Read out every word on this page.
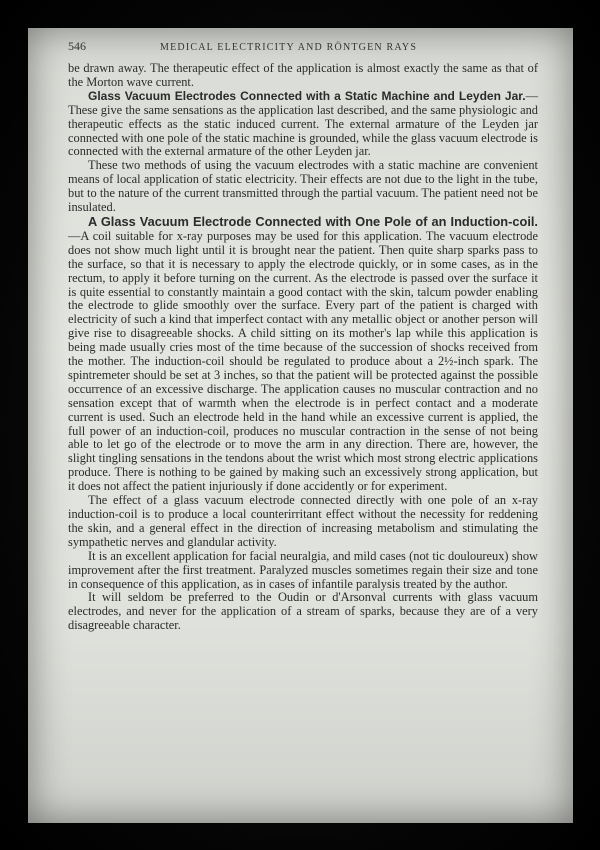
546	MEDICAL ELECTRICITY AND RÖNTGEN RAYS

be drawn away. The therapeutic effect of the application is almost exactly the same as that of the Morton wave current.

Glass Vacuum Electrodes Connected with a Static Machine and Leyden Jar.—These give the same sensations as the application last described, and the same physiologic and therapeutic effects as the static induced current. The external armature of the Leyden jar connected with one pole of the static machine is grounded, while the glass vacuum electrode is connected with the external armature of the other Leyden jar.

These two methods of using the vacuum electrodes with a static machine are convenient means of local application of static electricity. Their effects are not due to the light in the tube, but to the nature of the current transmitted through the partial vacuum. The patient need not be insulated.

A Glass Vacuum Electrode Connected with One Pole of an Induction-coil.—A coil suitable for x-ray purposes may be used for this application. The vacuum electrode does not show much light until it is brought near the patient. Then quite sharp sparks pass to the surface, so that it is necessary to apply the electrode quickly, or in some cases, as in the rectum, to apply it before turning on the current. As the electrode is passed over the surface it is quite essential to constantly maintain a good contact with the skin, talcum powder enabling the electrode to glide smoothly over the surface. Every part of the patient is charged with electricity of such a kind that imperfect contact with any metallic object or another person will give rise to disagreeable shocks. A child sitting on its mother's lap while this application is being made usually cries most of the time because of the succession of shocks received from the mother. The induction-coil should be regulated to produce about a 2½-inch spark. The spintremeter should be set at 3 inches, so that the patient will be protected against the possible occurrence of an excessive discharge. The application causes no muscular contraction and no sensation except that of warmth when the electrode is in perfect contact and a moderate current is used. Such an electrode held in the hand while an excessive current is applied, the full power of an induction-coil, produces no muscular contraction in the sense of not being able to let go of the electrode or to move the arm in any direction. There are, however, the slight tingling sensations in the tendons about the wrist which most strong electric applications produce. There is nothing to be gained by making such an excessively strong application, but it does not affect the patient injuriously if done accidently or for experiment.

The effect of a glass vacuum electrode connected directly with one pole of an x-ray induction-coil is to produce a local counterirritant effect without the necessity for reddening the skin, and a general effect in the direction of increasing metabolism and stimulating the sympathetic nerves and glandular activity.

It is an excellent application for facial neuralgia, and mild cases (not tic douloureux) show improvement after the first treatment. Paralyzed muscles sometimes regain their size and tone in consequence of this application, as in cases of infantile paralysis treated by the author.

It will seldom be preferred to the Oudin or d'Arsonval currents with glass vacuum electrodes, and never for the application of a stream of sparks, because they are of a very disagreeable character.
